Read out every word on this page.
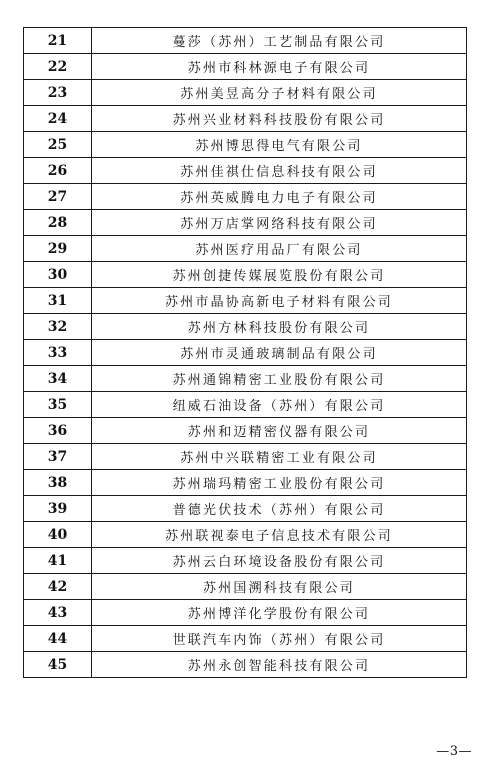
21	蔓莎（苏州）工艺制品有限公司
22	苏州市科林源电子有限公司
23	苏州美昱高分子材料有限公司
24	苏州兴业材料科技股份有限公司
25	苏州博思得电气有限公司
26	苏州佳祺仕信息科技有限公司
27	苏州英威腾电力电子有限公司
28	苏州万店掌网络科技有限公司
29	苏州医疗用品厂有限公司
30	苏州创捷传媒展览股份有限公司
31	苏州市晶协高新电子材料有限公司
32	苏州方林科技股份有限公司
33	苏州市灵通玻璃制品有限公司
34	苏州通锦精密工业股份有限公司
35	纽威石油设备（苏州）有限公司
36	苏州和迈精密仪器有限公司
37	苏州中兴联精密工业有限公司
38	苏州瑞玛精密工业股份有限公司
39	普德光伏技术（苏州）有限公司
40	苏州联视泰电子信息技术有限公司
41	苏州云白环境设备股份有限公司
42	苏州国溯科技有限公司
43	苏州博洋化学股份有限公司
44	世联汽车内饰（苏州）有限公司
45	苏州永创智能科技有限公司
—3—
